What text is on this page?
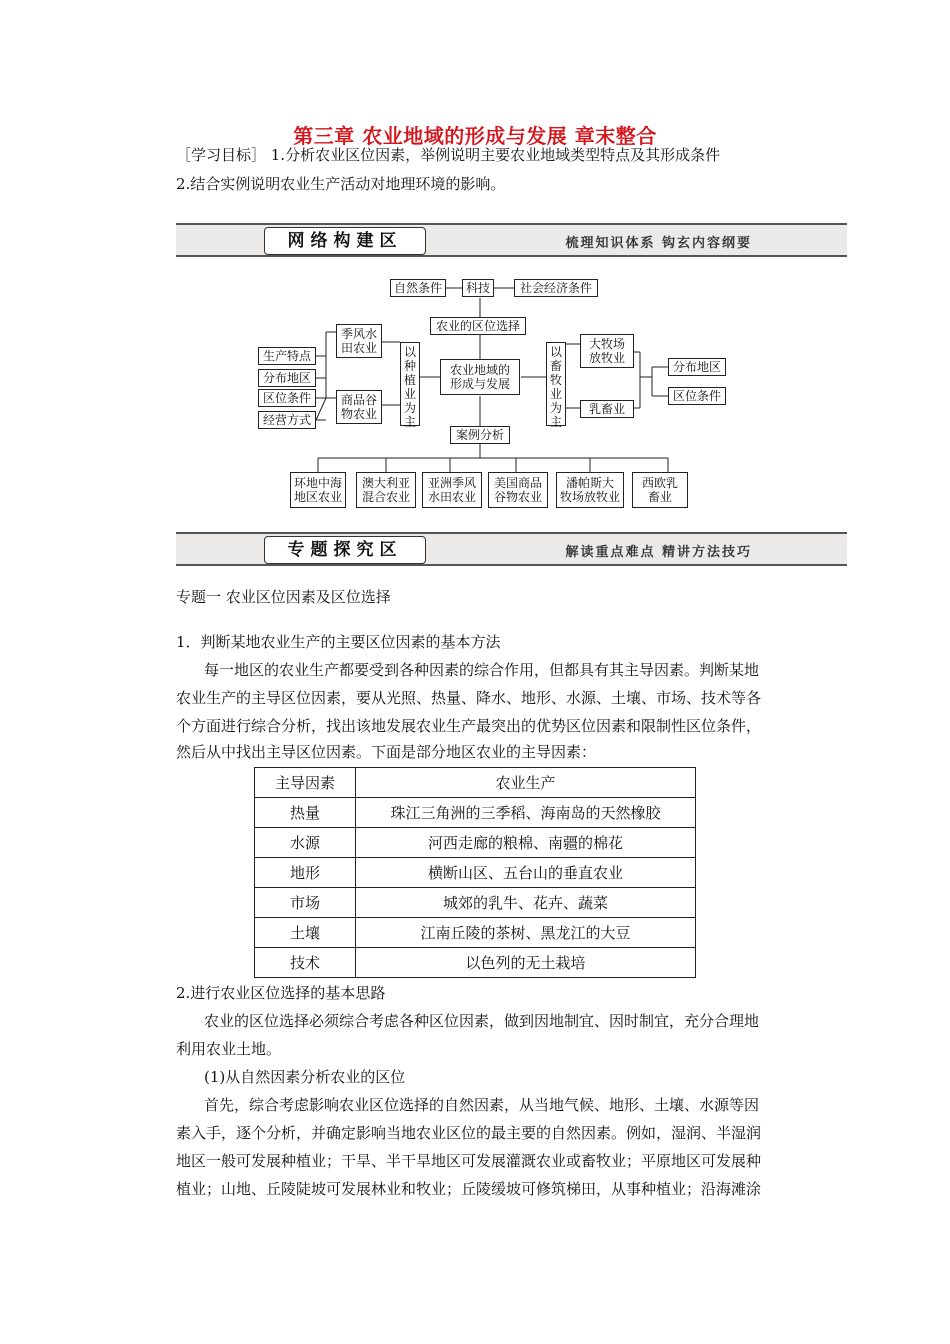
第三章 农业地域的形成与发展 章末整合
［学习目标］ 1.分析农业区位因素，举例说明主要农业地域类型特点及其形成条件
2.结合实例说明农业生产活动对地理环境的影响。
网络构建区	梳理知识体系 钩玄内容纲要
自然条件	科技	社会经济条件
农业的区位选择
农业地域的
形成与发展
季风水
田农业
商品谷
物农业
以
种
植
业
为
主
以
畜
牧
业
为
主
大牧场
放牧业
乳畜业
生产特点
分布地区
区位条件
经营方式
分布地区
区位条件
案例分析
环地中海
地区农业
澳大利亚
混合农业
亚洲季风
水田农业
美国商品
谷物农业
潘帕斯大
牧场放牧业
西欧乳
畜业
专题探究区	解读重点难点 精讲方法技巧
专题一 农业区位因素及区位选择
1．判断某地农业生产的主要区位因素的基本方法
每一地区的农业生产都要受到各种因素的综合作用，但都具有其主导因素。判断某地
农业生产的主导区位因素，要从光照、热量、降水、地形、水源、土壤、市场、技术等各
个方面进行综合分析，找出该地发展农业生产最突出的优势区位因素和限制性区位条件，
然后从中找出主导区位因素。下面是部分地区农业的主导因素：
主导因素	农业生产
热量	珠江三角洲的三季稻、海南岛的天然橡胶
水源	河西走廊的粮棉、南疆的棉花
地形	横断山区、五台山的垂直农业
市场	城郊的乳牛、花卉、蔬菜
土壤	江南丘陵的茶树、黑龙江的大豆
技术	以色列的无土栽培
2.进行农业区位选择的基本思路
农业的区位选择必须综合考虑各种区位因素，做到因地制宜、因时制宜，充分合理地
利用农业土地。
(1)从自然因素分析农业的区位
首先，综合考虑影响农业区位选择的自然因素，从当地气候、地形、土壤、水源等因
素入手，逐个分析，并确定影响当地农业区位的最主要的自然因素。例如，湿润、半湿润
地区一般可发展种植业；干旱、半干旱地区可发展灌溉农业或畜牧业；平原地区可发展种
植业；山地、丘陵陡坡可发展林业和牧业；丘陵缓坡可修筑梯田，从事种植业；沿海滩涂
